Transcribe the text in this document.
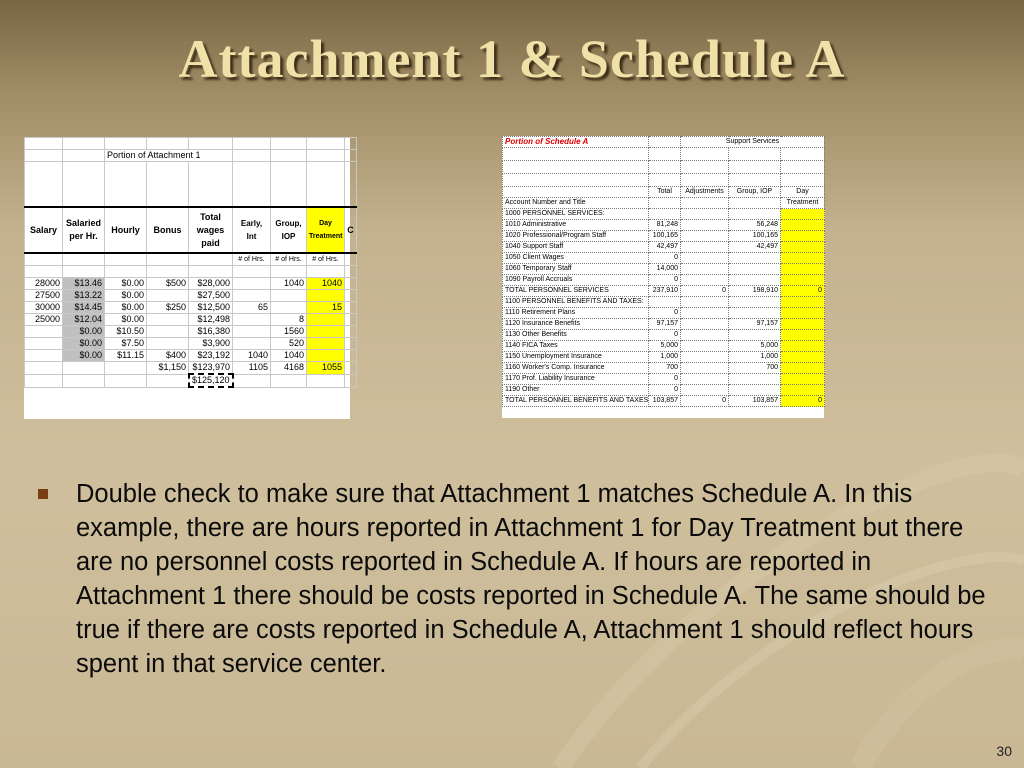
Attachment 1 & Schedule A

		Portion of Attachment 1						

Salary	Salaried per Hr.	Hourly	Bonus	Total wages paid	Early, Int	Group, IOP	Day Treatment	C
					# of Hrs.	# of Hrs.	# of Hrs.	

28000	$13.46	$0.00	$500	$28,000		1040	1040	
27500	$13.22	$0.00		$27,500				
30000	$14.45	$0.00	$250	$12,500	65		15	
25000	$12.04	$0.00		$12,498		8		
	$0.00	$10.50		$16,380		1560		
	$0.00	$7.50		$3,900		520		
	$0.00	$11.15	$400	$23,192	1040	1040		
			$1,150	$123,970	1105	4168	1055	
				$125,120				
Portion of Schedule A		Support Services		

	Total	Adjustments	Group, IOP	Day
Account Number and Title				Treatment
1000 PERSONNEL SERVICES:				
1010 Administrative	81,248		56,248	
1020 Professional/Program Staff	100,165		100,165	
1040 Support Staff	42,497		42,497	
1050 Client Wages	0			
1060 Temporary Staff	14,000			
1090 Payroll Accruals	0			
TOTAL PERSONNEL SERVICES	237,910	0	198,910	0
1100 PERSONNEL BENEFITS AND TAXES:				
1110 Retirement Plans	0			
1120 Insurance Benefits	97,157		97,157	
1130 Other Benefits	0			
1140 FICA Taxes	5,000		5,000	
1150 Unemployment Insurance	1,000		1,000	
1160 Worker's Comp. Insurance	700		700	
1170 Prof. Liability Insurance	0			
1190 Other	0			
TOTAL PERSONNEL BENEFITS AND TAXES	103,857	0	103,857	0

Double check to make sure that Attachment 1 matches Schedule A. In this example, there are hours reported in Attachment 1 for Day Treatment but there are no personnel costs reported in Schedule A. If hours are reported in Attachment 1 there should be costs reported in Schedule A. The same should be true if there are costs reported in Schedule A, Attachment 1 should reflect hours spent in that service center.

30
